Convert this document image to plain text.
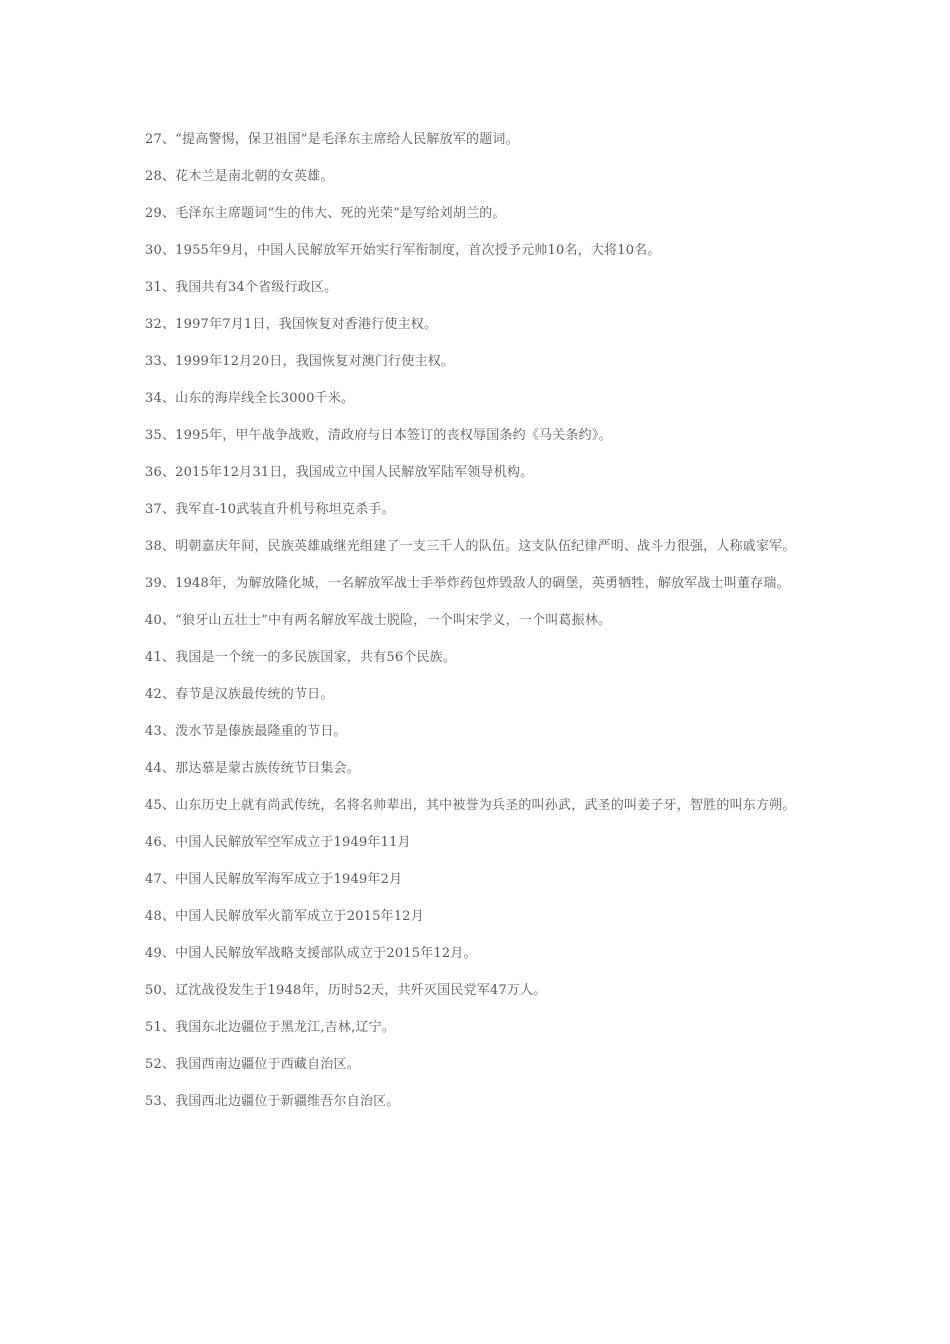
27、“提高警惕，保卫祖国”是毛泽东主席给人民解放军的题词。

28、花木兰是南北朝的女英雄。

29、毛泽东主席题词“生的伟大、死的光荣”是写给刘胡兰的。

30、1955年9月，中国人民解放军开始实行军衔制度，首次授予元帅10名，大将10名。

31、我国共有34个省级行政区。

32、1997年7月1日，我国恢复对香港行使主权。

33、1999年12月20日，我国恢复对澳门行使主权。

34、山东的海岸线全长3000千米。

35、1995年，甲午战争战败，清政府与日本签订的丧权辱国条约《马关条约》。

36、2015年12月31日，我国成立中国人民解放军陆军领导机构。

37、我军直-10武装直升机号称坦克杀手。

38、明朝嘉庆年间，民族英雄戚继光组建了一支三千人的队伍。这支队伍纪律严明、战斗力很强，人称戚家军。

39、1948年，为解放隆化城，一名解放军战士手举炸药包炸毁敌人的碉堡，英勇牺牲，解放军战士叫董存瑞。

40、“狼牙山五壮士”中有两名解放军战士脱险，一个叫宋学义，一个叫葛振林。

41、我国是一个统一的多民族国家，共有56个民族。

42、春节是汉族最传统的节日。

43、泼水节是傣族最隆重的节日。

44、那达慕是蒙古族传统节日集会。

45、山东历史上就有尚武传统，名将名帅辈出，其中被誉为兵圣的叫孙武，武圣的叫姜子牙，智胜的叫东方朔。

46、中国人民解放军空军成立于1949年11月

47、中国人民解放军海军成立于1949年2月

48、中国人民解放军火箭军成立于2015年12月

49、中国人民解放军战略支援部队成立于2015年12月。

50、辽沈战役发生于1948年，历时52天，共歼灭国民党军47万人。

51、我国东北边疆位于黑龙江,吉林,辽宁。

52、我国西南边疆位于西藏自治区。

53、我国西北边疆位于新疆维吾尔自治区。
